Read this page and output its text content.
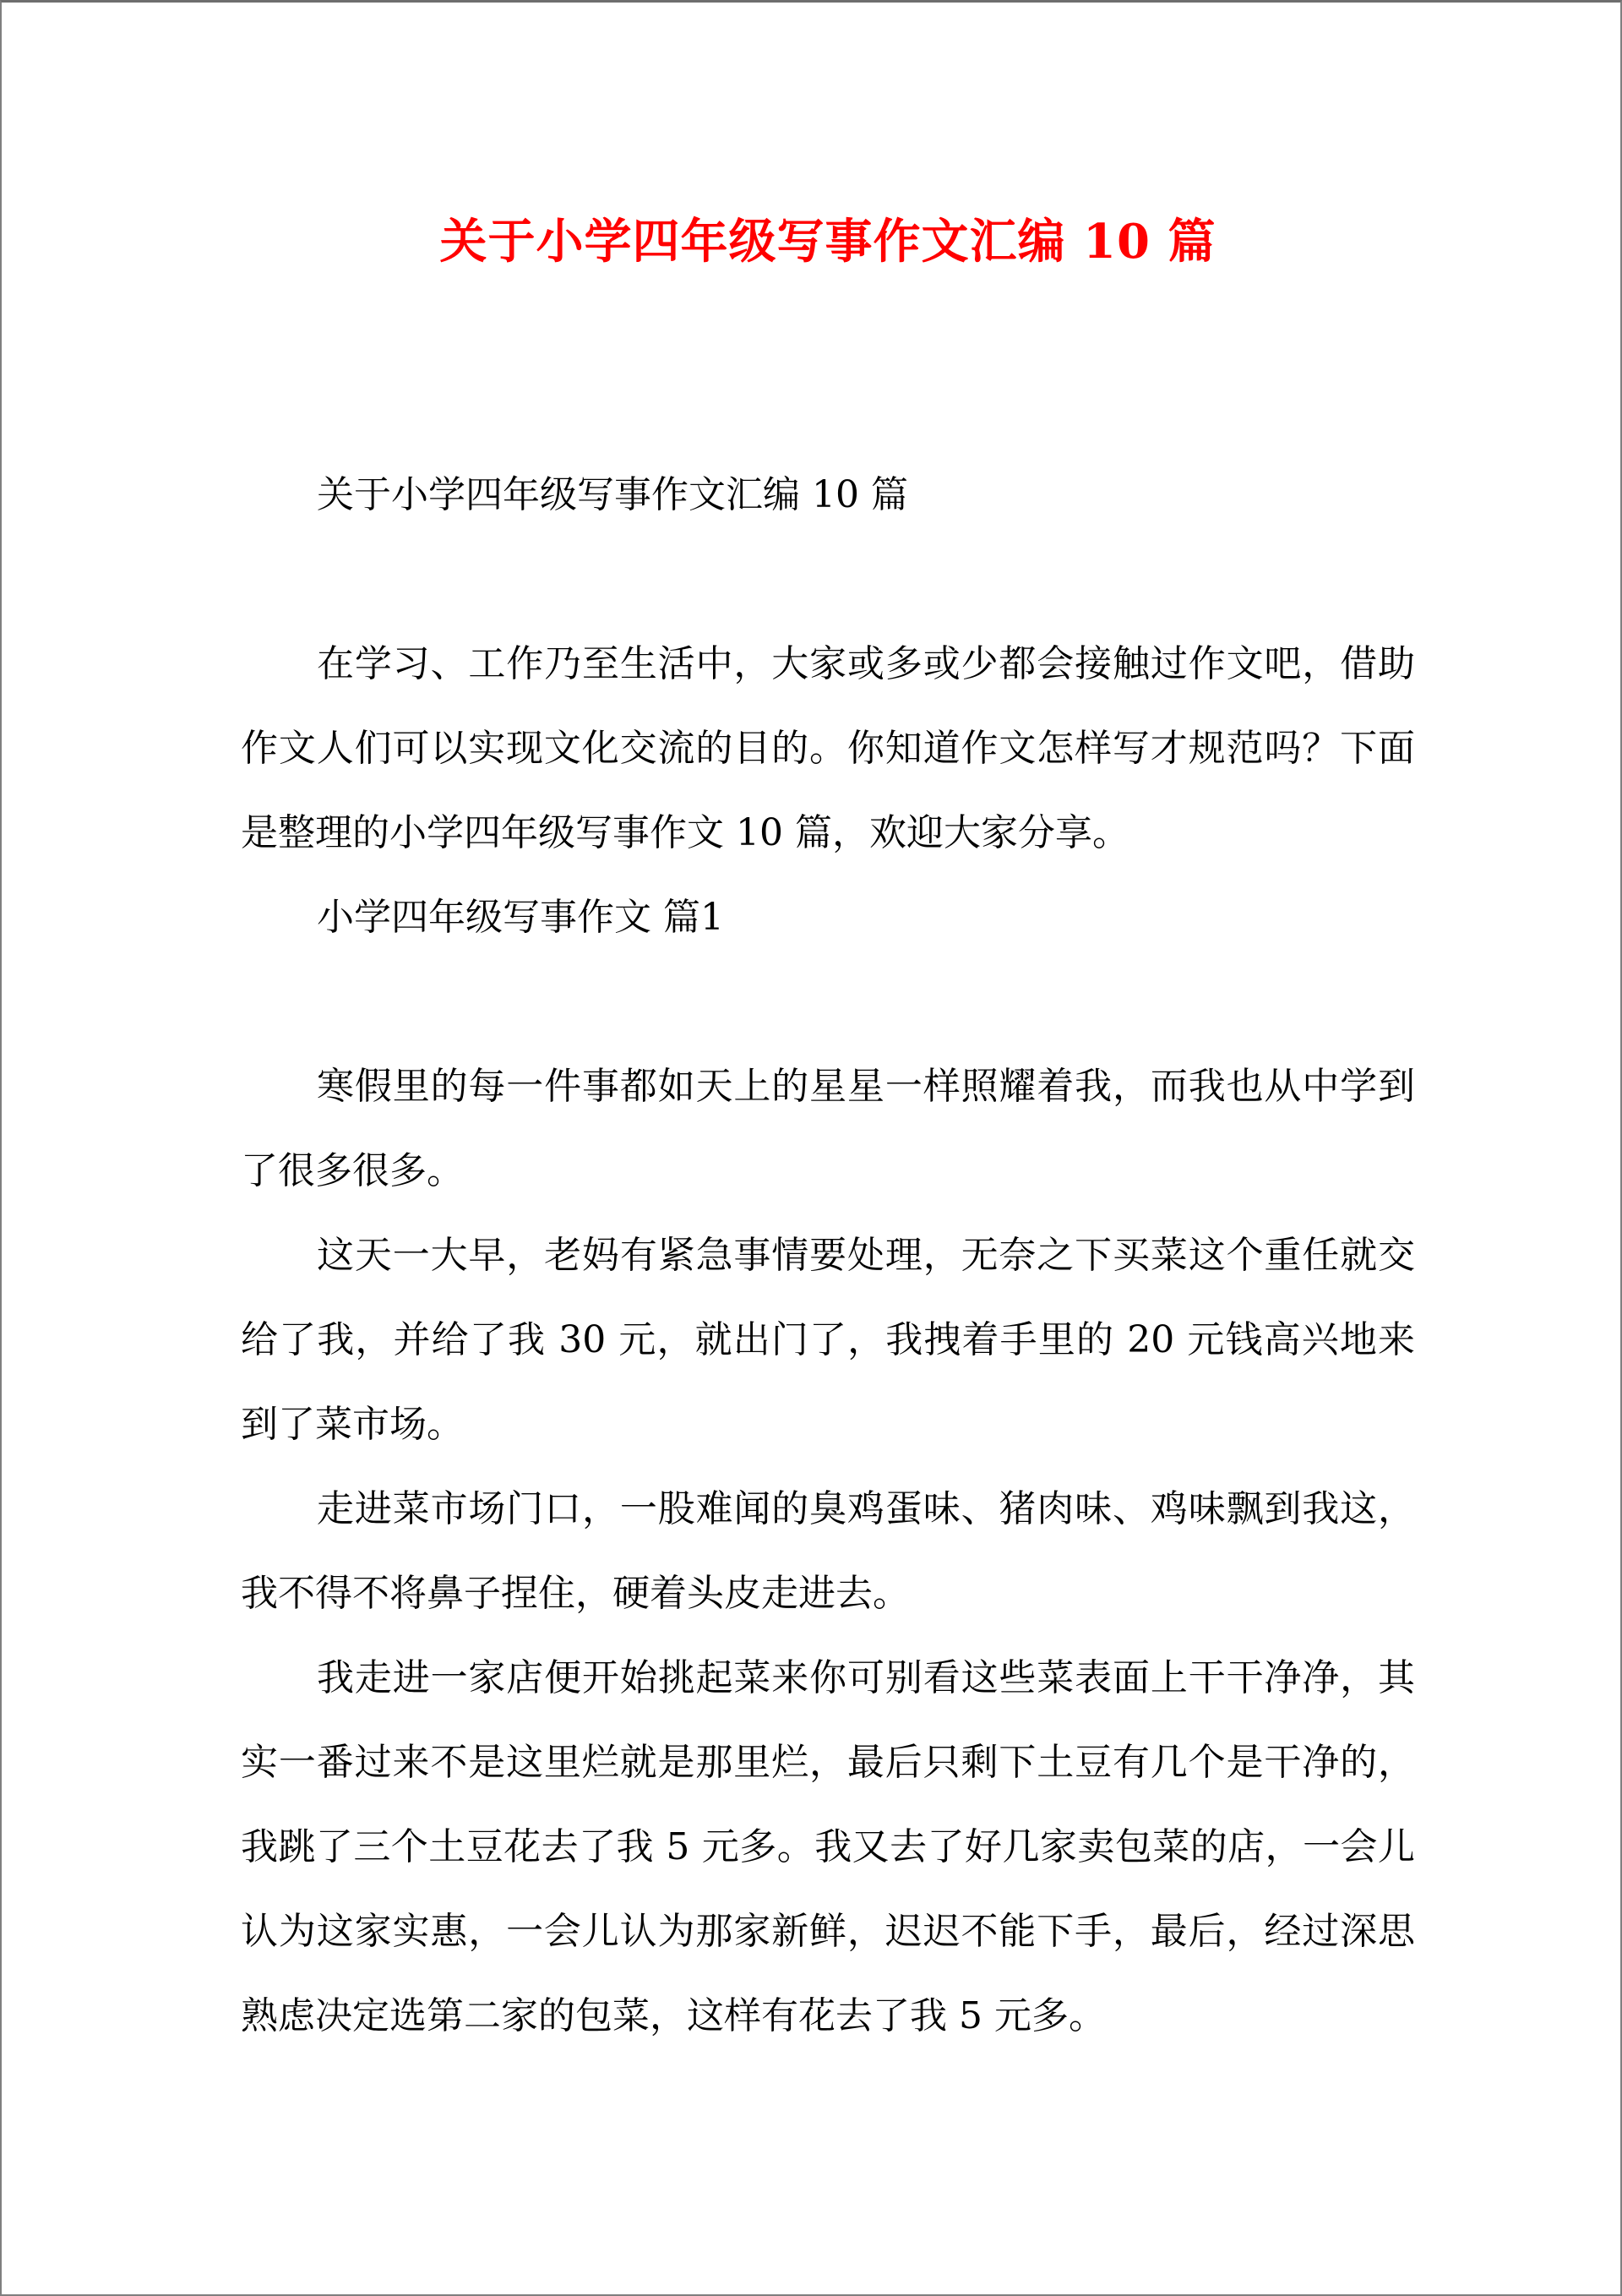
关于小学四年级写事作文汇编 10 篇

关于小学四年级写事作文汇编 10 篇

在学习、工作乃至生活中，大家或多或少都会接触过作文吧，借助作文人们可以实现文化交流的目的。你知道作文怎样写才规范吗？下面是整理的小学四年级写事作文 10 篇，欢迎大家分享。

小学四年级写事作文 篇1

寒假里的每一件事都如天上的星星一样照耀着我，而我也从中学到了很多很多。

这天一大早，老妈有紧急事情要处理，无奈之下买菜这个重任就交给了我，并给了我 30 元，就出门了，我拽着手里的 20 元钱高兴地来到了菜市场。

走进菜市场门口，一股难闻的臭鸡蛋味、猪肉味、鸡味飘到我这，我不得不将鼻子捏住，硬着头皮走进去。

我走进一家店便开始挑起菜来你可别看这些菜表面上干干净净，其实一番过来不是这里烂就是那里烂，最后只剩下土豆有几个是干净的，我跳了三个土豆花去了我 5 元多。我又去了好几家卖包菜的店，一会儿认为这家实惠，一会儿认为那家新鲜，迟迟不能下手，最后，经过深思熟虑决定选第二家的包菜，这样有花去了我 5 元多。
